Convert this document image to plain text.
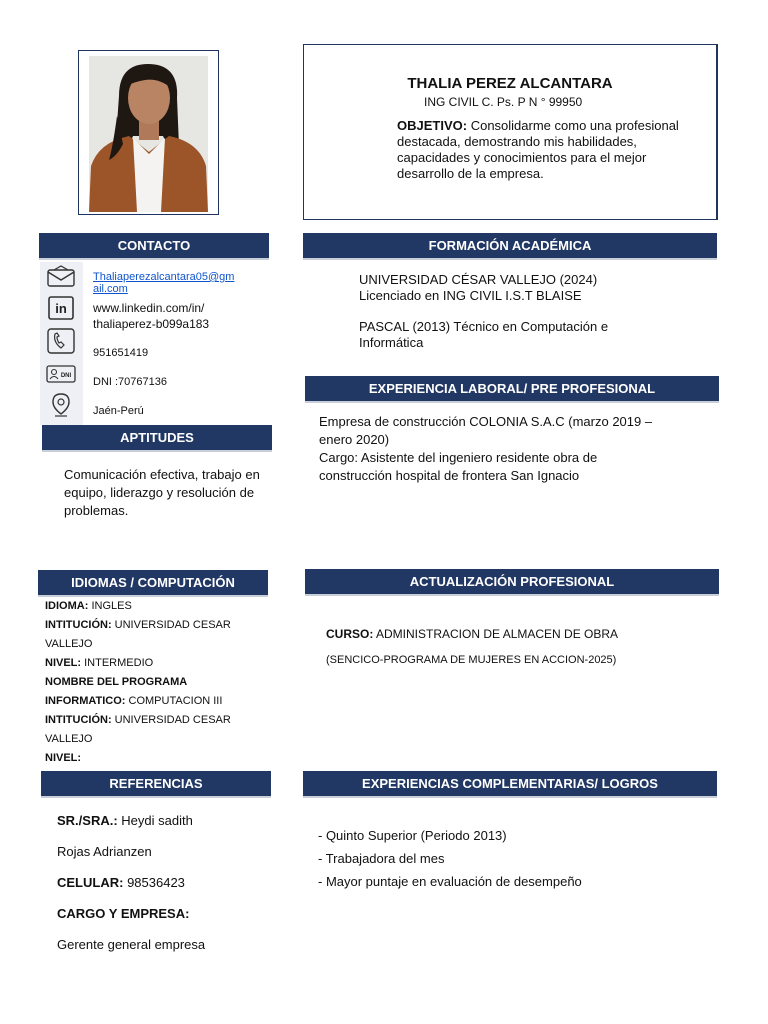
THALIA PEREZ ALCANTARA
ING CIVIL C. Ps. P N ° 99950
OBJETIVO: Consolidarme como una profesional destacada, demostrando mis habilidades, capacidades y conocimientos para el mejor desarrollo de la empresa.
CONTACTO
in
DNI
Thaliaperezalcantara05@gm
ail.com
www.linkedin.com/in/
thaliaperez-b099a183
951651419
DNI :70767136
Jaén-Perú
APTITUDES
Comunicación efectiva, trabajo en equipo, liderazgo y resolución de problemas.
FORMACIÓN ACADÉMICA
UNIVERSIDAD CÉSAR VALLEJO (2024)
Licenciado en ING CIVIL I.S.T BLAISE
PASCAL (2013) Técnico en Computación e
Informática
EXPERIENCIA LABORAL/ PRE PROFESIONAL
Empresa de construcción COLONIA S.A.C (marzo 2019 –
enero 2020)
Cargo: Asistente del ingeniero residente obra de
construcción hospital de frontera San Ignacio
IDIOMAS / COMPUTACIÓN
IDIOMA: INGLES
INTITUCIÓN: UNIVERSIDAD CESAR
VALLEJO
NIVEL: INTERMEDIO
NOMBRE DEL PROGRAMA
INFORMATICO: COMPUTACION III
INTITUCIÓN: UNIVERSIDAD CESAR
VALLEJO
NIVEL:
ACTUALIZACIÓN PROFESIONAL
CURSO: ADMINISTRACION DE ALMACEN DE OBRA
(SENCICO-PROGRAMA DE MUJERES EN ACCION-2025)
REFERENCIAS
SR./SRA.: Heydi sadith
Rojas Adrianzen
CELULAR: 98536423
CARGO Y EMPRESA:
Gerente general empresa
EXPERIENCIAS COMPLEMENTARIAS/ LOGROS
- Quinto Superior (Periodo 2013)
- Trabajadora del mes
- Mayor puntaje en evaluación de desempeño
